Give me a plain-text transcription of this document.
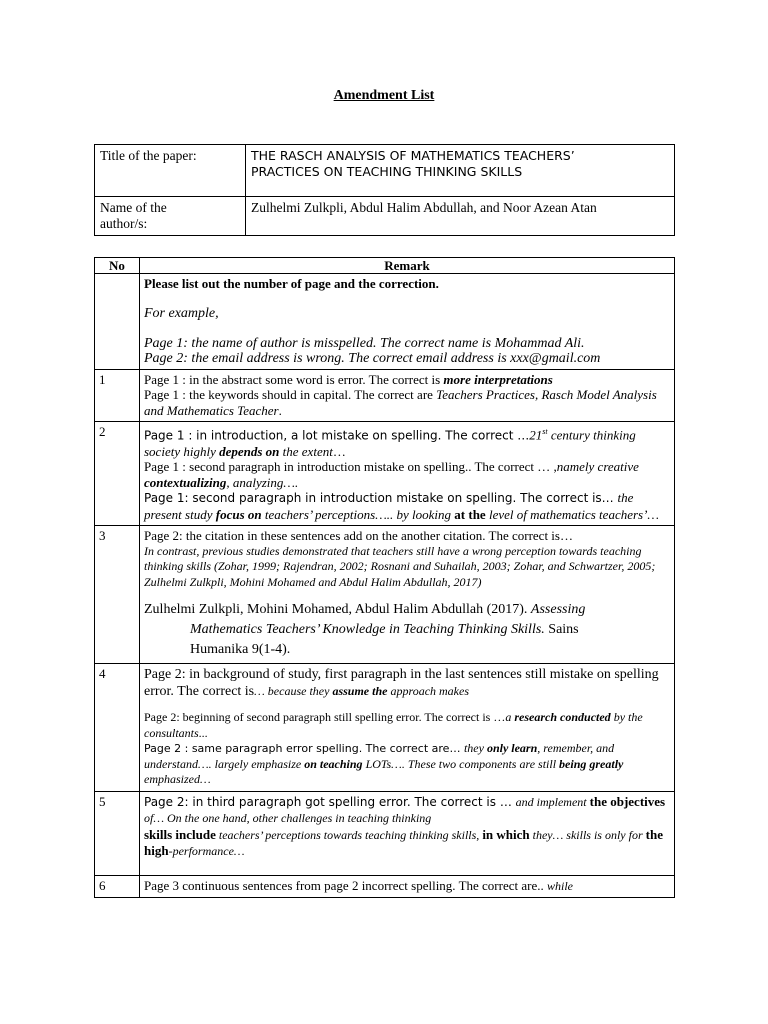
Amendment List
Title of the paper:	THE RASCH ANALYSIS OF MATHEMATICS TEACHERS’
PRACTICES ON TEACHING THINKING SKILLS

Name of the
author/s:	Zulhelmi Zulkpli, Abdul Halim Abdullah, and Noor Azean Atan
No	Remark

	Please list out the number of page and the correction.
For example,
Page 1: the name of author is misspelled. The correct name is Mohammad Ali.
Page 2: the email address is wrong. The correct email address is xxx@gmail.com

1	Page 1 : in the abstract some word is error. The correct is more interpretations
Page 1 : the keywords should in capital. The correct are Teachers Practices, Rasch Model Analysis and Mathematics Teacher.

2	Page 1 : in introduction, a lot mistake on spelling. The correct …21st century thinking society highly depends on the extent…
Page 1 : second paragraph in introduction mistake on spelling.. The correct … ,namely creative contextualizing, analyzing….
Page 1: second paragraph in introduction mistake on spelling. The correct is… the present study focus on teachers’ perceptions….. by looking at the level of mathematics teachers’…

3	Page 2: the citation in these sentences add on the another citation. The correct is…
In contrast, previous studies demonstrated that teachers still have a wrong perception towards teaching thinking skills (Zohar, 1999; Rajendran, 2002; Rosnani and Suhailah, 2003; Zohar, and Schwartzer, 2005; Zulhelmi Zulkpli, Mohini Mohamed and Abdul Halim Abdullah, 2017)
Zulhelmi Zulkpli, Mohini Mohamed, Abdul Halim Abdullah (2017). Assessing
Mathematics Teachers’ Knowledge in Teaching Thinking Skills. Sains
Humanika 9(1-4).

4	Page 2: in background of study, first paragraph in the last sentences still mistake on spelling error. The correct is… because they assume the approach makes
Page 2: beginning of second paragraph still spelling error. The correct is …a research conducted by the consultants...
Page 2 : same paragraph error spelling. The correct are… they only learn, remember, and understand…. largely emphasize on teaching LOTs…. These two components are still being greatly emphasized…

5	Page 2: in third paragraph got spelling error. The correct is … and implement the objectives of… On the one hand, other challenges in teaching thinking
skills include teachers’ perceptions towards teaching thinking skills, in which they… skills is only for the high-performance…

6	Page 3 continuous sentences from page 2 incorrect spelling. The correct are.. while
